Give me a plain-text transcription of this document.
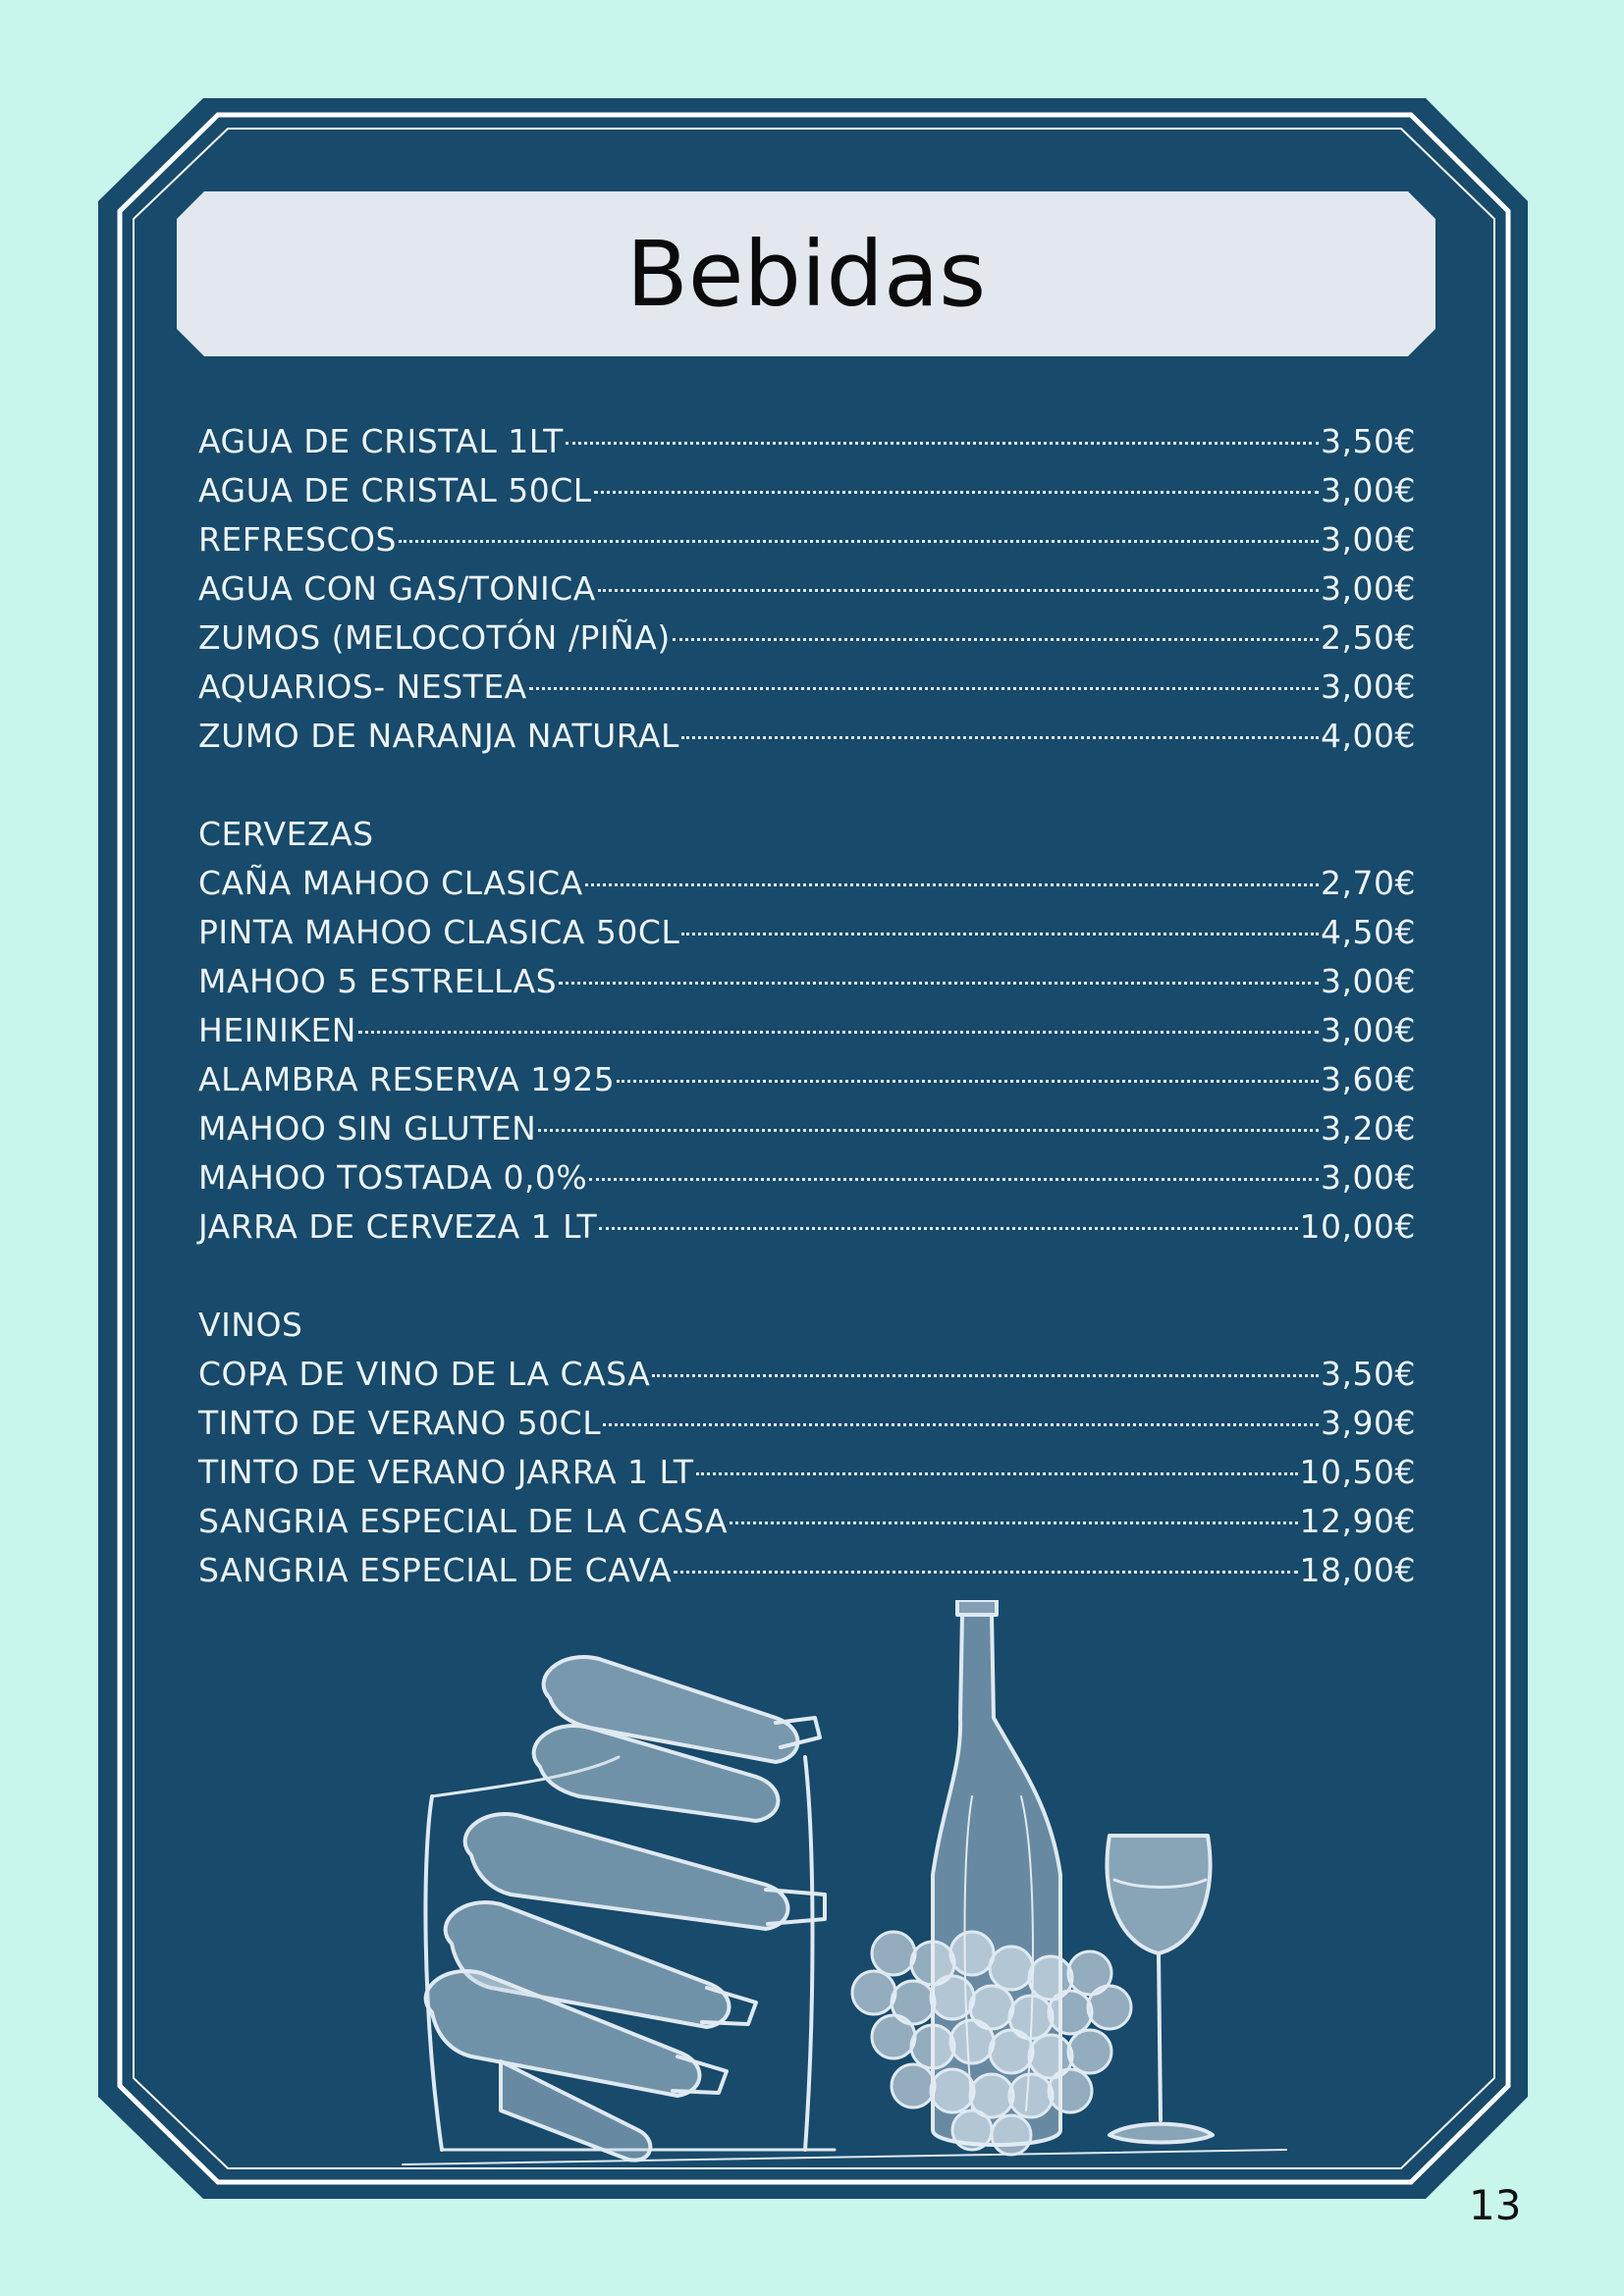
Bebidas
AGUA DE CRISTAL 1LT	3,50€
AGUA DE CRISTAL 50CL	3,00€
REFRESCOS	3,00€
AGUA CON GAS/TONICA	3,00€
ZUMOS (MELOCOTÓN /PIÑA)	2,50€
AQUARIOS- NESTEA	3,00€
ZUMO DE NARANJA NATURAL	4,00€
CERVEZAS
CAÑA MAHOO CLASICA	2,70€
PINTA MAHOO CLASICA 50CL	4,50€
MAHOO 5 ESTRELLAS	3,00€
HEINIKEN	3,00€
ALAMBRA RESERVA 1925	3,60€
MAHOO SIN GLUTEN	3,20€
MAHOO TOSTADA 0,0%	3,00€
JARRA DE CERVEZA 1 LT	10,00€
VINOS
COPA DE VINO DE LA CASA	3,50€
TINTO DE VERANO 50CL	3,90€
TINTO DE VERANO JARRA 1 LT	10,50€
SANGRIA ESPECIAL DE LA CASA	12,90€
SANGRIA ESPECIAL DE CAVA	18,00€
13
